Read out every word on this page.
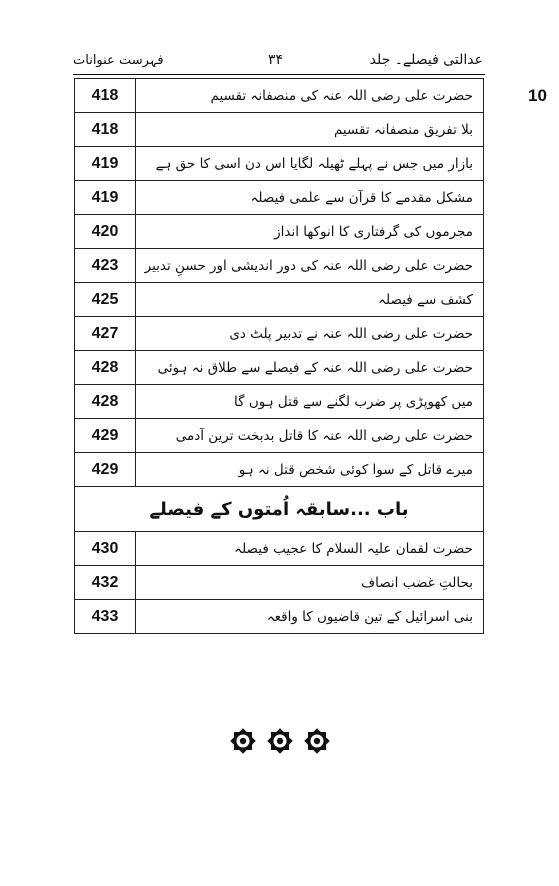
10
عدالتی فیصلے۔ جلد
۳۴
فہرست عنوانات
418	حضرت علی رضی اللہ عنہ کی منصفانہ تقسیم
418	بلا تفریق منصفانہ تقسیم
419	بازار میں جس نے پہلے ٹھیلہ لگایا اس دن اسی کا حق ہے
419	مشکل مقدمے کا قرآن سے علمی فیصلہ
420	مجرموں کی گرفتاری کا انوکھا انداز
423	حضرت علی رضی اللہ عنہ کی دور اندیشی اور حسنِ تدبیر
425	کشف سے فیصلہ
427	حضرت علی رضی اللہ عنہ نے تدبیر پلٹ دی
428	حضرت علی رضی اللہ عنہ کے فیصلے سے طلاق نہ ہوئی
428	میں کھوپڑی پر ضرب لگنے سے قتل ہوں گا
429	حضرت علی رضی اللہ عنہ کا قاتل بدبخت ترین آدمی
429	میرے قاتل کے سوا کوئی شخص قتل نہ ہو
باب ...سابقہ اُمتوں کے فیصلے	
430	حضرت لقمان علیہ السلام کا عجیب فیصلہ
432	بحالتِ غضب انصاف
433	بنی اسرائیل کے تین قاضیوں کا واقعہ
